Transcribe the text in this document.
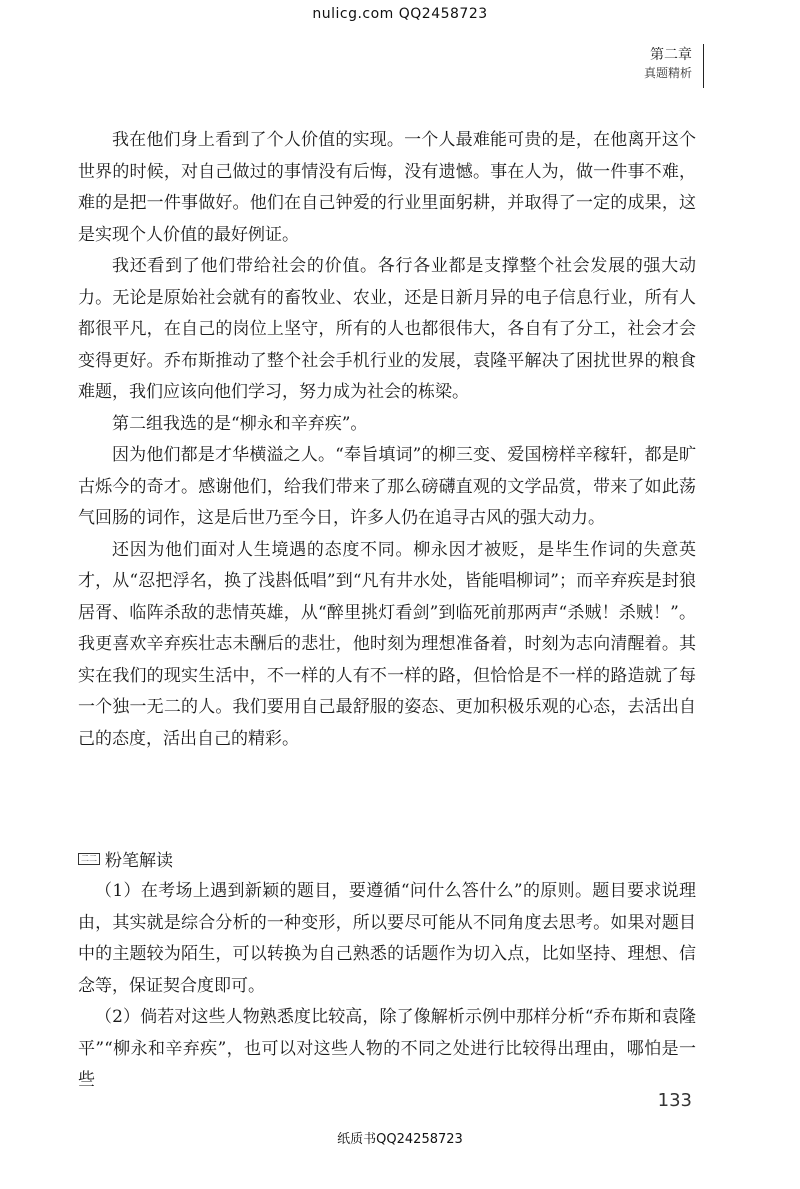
nulicg.com QQ2458723
第二章
真题精析

我在他们身上看到了个人价值的实现。一个人最难能可贵的是，在他离开这个世界的时候，对自己做过的事情没有后悔，没有遗憾。事在人为，做一件事不难，难的是把一件事做好。他们在自己钟爱的行业里面躬耕，并取得了一定的成果，这是实现个人价值的最好例证。

我还看到了他们带给社会的价值。各行各业都是支撑整个社会发展的强大动力。无论是原始社会就有的畜牧业、农业，还是日新月异的电子信息行业，所有人都很平凡，在自己的岗位上坚守，所有的人也都很伟大，各自有了分工，社会才会变得更好。乔布斯推动了整个社会手机行业的发展，袁隆平解决了困扰世界的粮食难题，我们应该向他们学习，努力成为社会的栋梁。

第二组我选的是“柳永和辛弃疾”。

因为他们都是才华横溢之人。“奉旨填词”的柳三变、爱国榜样辛稼轩，都是旷古烁今的奇才。感谢他们，给我们带来了那么磅礴直观的文学品赏，带来了如此荡气回肠的词作，这是后世乃至今日，许多人仍在追寻古风的强大动力。

还因为他们面对人生境遇的态度不同。柳永因才被贬，是毕生作词的失意英才，从“忍把浮名，换了浅斟低唱”到“凡有井水处，皆能唱柳词”；而辛弃疾是封狼居胥、临阵杀敌的悲情英雄，从“醉里挑灯看剑”到临死前那两声“杀贼！杀贼！”。我更喜欢辛弃疾壮志未酬后的悲壮，他时刻为理想准备着，时刻为志向清醒着。其实在我们的现实生活中，不一样的人有不一样的路，但恰恰是不一样的路造就了每一个独一无二的人。我们要用自己最舒服的姿态、更加积极乐观的心态，去活出自己的态度，活出自己的精彩。

二二 粉笔解读

（1）在考场上遇到新颖的题目，要遵循“问什么答什么”的原则。题目要求说理由，其实就是综合分析的一种变形，所以要尽可能从不同角度去思考。如果对题目中的主题较为陌生，可以转换为自己熟悉的话题作为切入点，比如坚持、理想、信念等，保证契合度即可。

（2）倘若对这些人物熟悉度比较高，除了像解析示例中那样分析“乔布斯和袁隆平”“柳永和辛弃疾”，也可以对这些人物的不同之处进行比较得出理由，哪怕是一些

133
纸质书QQ24258723
